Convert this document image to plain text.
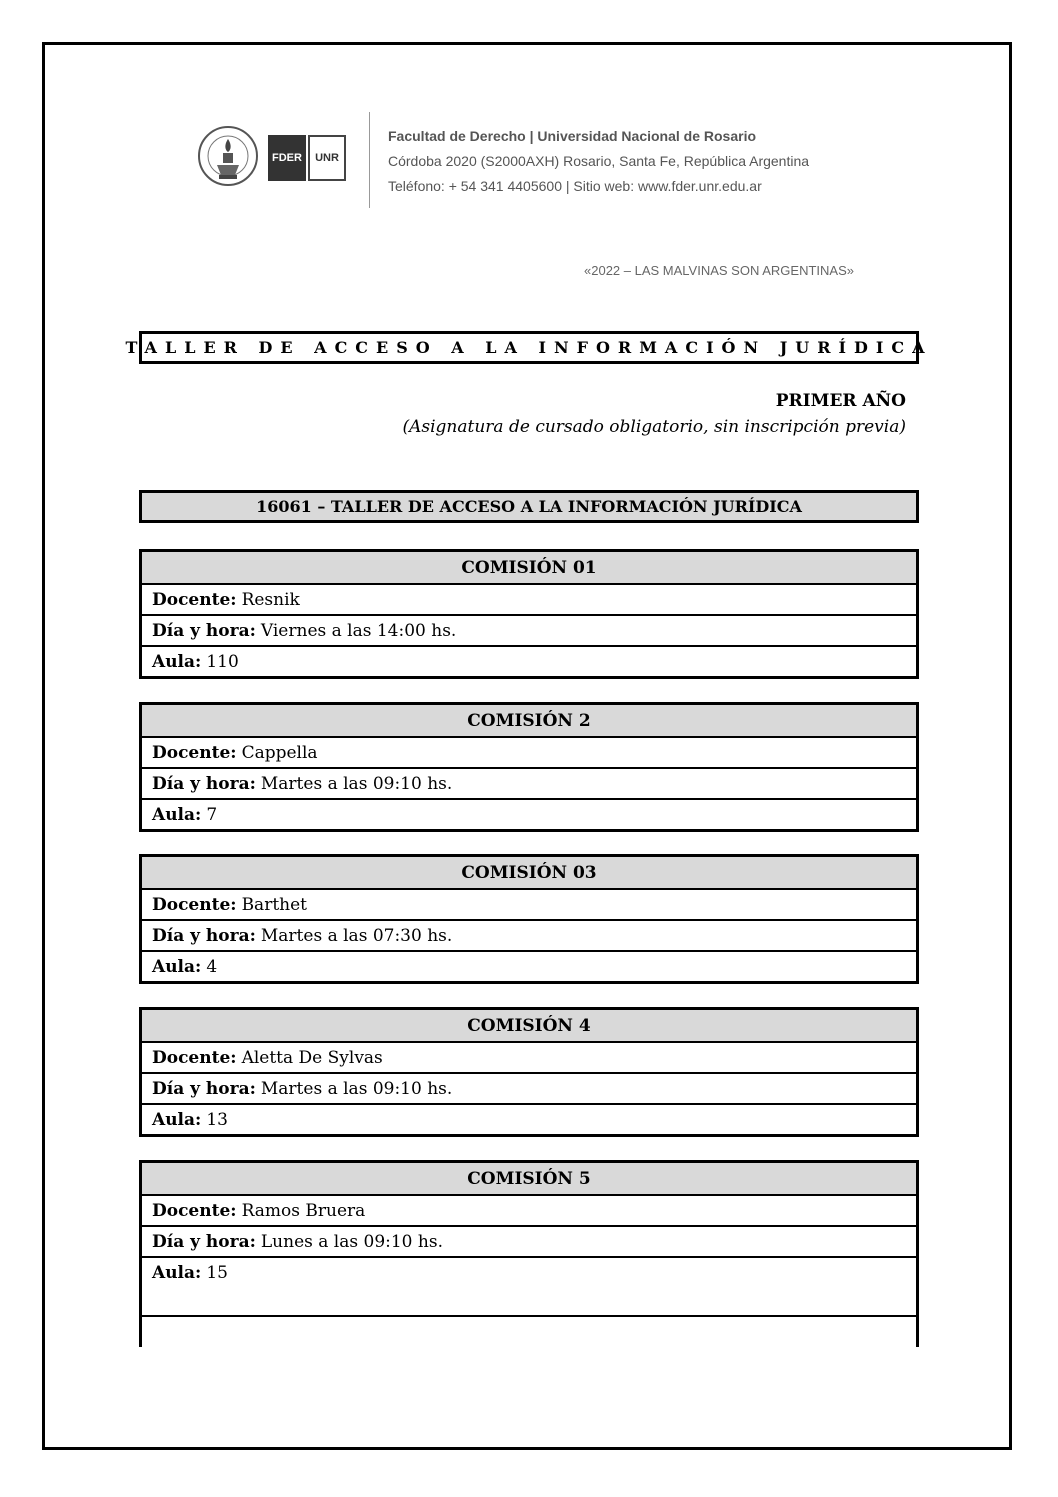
FDER	UNR
Facultad de Derecho | Universidad Nacional de Rosario
Córdoba 2020 (S2000AXH) Rosario, Santa Fe, República Argentina
Teléfono: + 54 341 4405600 | Sitio web: www.fder.unr.edu.ar
«2022 – LAS MALVINAS SON ARGENTINAS»
TALLER DE ACCESO A LA INFORMACIÓN JURÍDICA
PRIMER AÑO
(Asignatura de cursado obligatorio, sin inscripción previa)
16061 – TALLER DE ACCESO A LA INFORMACIÓN JURÍDICA
COMISIÓN 01
Docente: Resnik
Día y hora: Viernes a las 14:00 hs.
Aula: 110
COMISIÓN 2
Docente: Cappella
Día y hora: Martes a las 09:10 hs.
Aula: 7
COMISIÓN 03
Docente: Barthet
Día y hora: Martes a las 07:30 hs.
Aula: 4
COMISIÓN 4
Docente: Aletta De Sylvas
Día y hora: Martes a las 09:10 hs.
Aula: 13
COMISIÓN 5
Docente: Ramos Bruera
Día y hora: Lunes a las 09:10 hs.
Aula: 15
